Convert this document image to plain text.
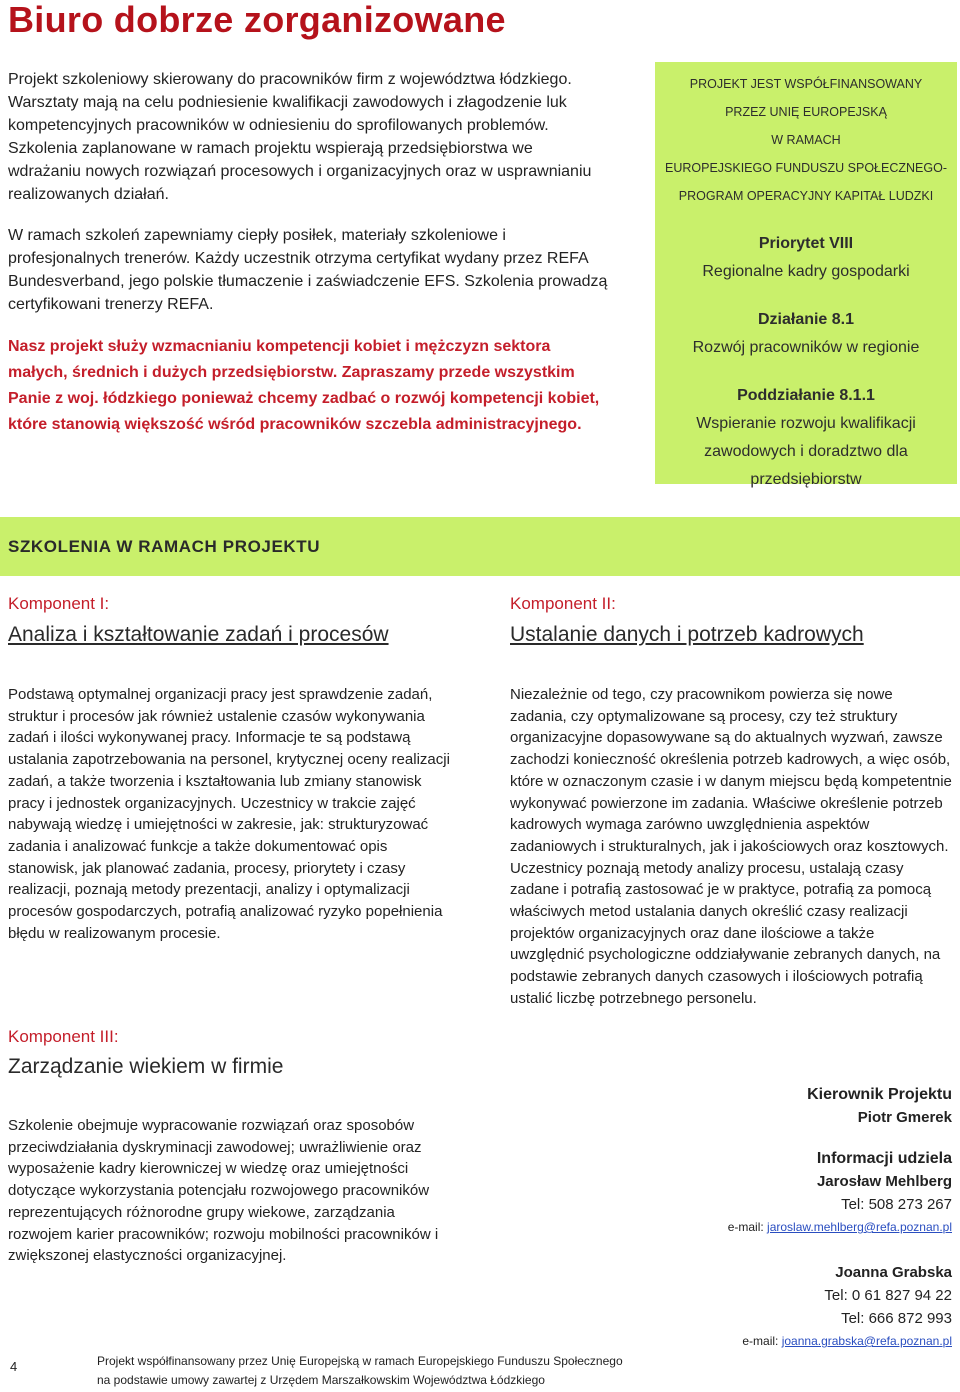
Biuro dobrze zorganizowane

Projekt szkoleniowy skierowany do pracowników firm z województwa łódzkiego. Warsztaty mają na celu podniesienie kwalifikacji zawodowych i złagodzenie luk kompetencyjnych pracowników w odniesieniu do sprofilowanych problemów. Szkolenia zaplanowane w ramach projektu wspierają przedsiębiorstwa we wdrażaniu nowych rozwiązań procesowych i organizacyjnych oraz w usprawnianiu realizowanych działań.

W ramach szkoleń zapewniamy ciepły posiłek, materiały szkoleniowe i profesjonalnych trenerów. Każdy uczestnik otrzyma certyfikat wydany przez REFA Bundesverband, jego polskie tłumaczenie i zaświadczenie EFS. Szkolenia prowadzą certyfikowani trenerzy REFA.

Nasz projekt służy wzmacnianiu kompetencji kobiet i mężczyzn sektora małych, średnich i dużych przedsiębiorstw. Zapraszamy przede wszystkim Panie z woj. łódzkiego ponieważ chcemy zadbać o rozwój kompetencji kobiet, które stanowią większość wśród pracowników szczebla administracyjnego.

PROJEKT JEST WSPÓŁFINANSOWANY
PRZEZ UNIĘ EUROPEJSKĄ
W RAMACH
EUROPEJSKIEGO FUNDUSZU SPOŁECZNEGO-
PROGRAM OPERACYJNY KAPITAŁ LUDZKI
Priorytet VIII
Regionalne kadry gospodarki
Działanie 8.1
Rozwój pracowników w regionie
Poddziałanie 8.1.1
Wspieranie rozwoju kwalifikacji
zawodowych i doradztwo dla
przedsiębiorstw
SZKOLENIA W RAMACH PROJEKTU
Komponent I:
Analiza i kształtowanie zadań i procesów
Podstawą optymalnej organizacji pracy jest sprawdzenie zadań, struktur i procesów jak również ustalenie czasów wykonywania zadań i ilości wykonywanej pracy. Informacje te są podstawą ustalania zapotrzebowania na personel, krytycznej oceny realizacji zadań, a także tworzenia i kształtowania lub zmiany stanowisk pracy i jednostek organizacyjnych. Uczestnicy w trakcie zajęć nabywają wiedzę i umiejętności w zakresie, jak: strukturyzować zadania i analizować funkcje a także dokumentować opis stanowisk, jak planować zadania, procesy, priorytety i czasy realizacji, poznają metody prezentacji, analizy i optymalizacji procesów gospodarczych, potrafią analizować ryzyko popełnienia błędu w realizowanym procesie.
Komponent II:
Ustalanie danych i potrzeb kadrowych
Niezależnie od tego, czy pracownikom powierza się nowe zadania, czy optymalizowane są procesy, czy też struktury organizacyjne dopasowywane są do aktualnych wyzwań, zawsze zachodzi konieczność określenia potrzeb kadrowych, a więc osób, które w oznaczonym czasie i w danym miejscu będą kompetentnie wykonywać powierzone im zadania. Właściwe określenie potrzeb kadrowych wymaga zarówno uwzględnienia aspektów zadaniowych i strukturalnych, jak i jakościowych oraz kosztowych. Uczestnicy poznają metody analizy procesu, ustalają czasy zadane i potrafią zastosować je w praktyce, potrafią za pomocą właściwych metod ustalania danych określić czasy realizacji projektów organizacyjnych oraz dane ilościowe a także uwzględnić psychologiczne oddziaływanie zebranych danych, na podstawie zebranych danych czasowych i ilościowych potrafią ustalić liczbę potrzebnego personelu.
Komponent III:
Zarządzanie wiekiem w firmie
Szkolenie obejmuje wypracowanie rozwiązań oraz sposobów przeciwdziałania dyskryminacji zawodowej; uwrażliwienie oraz wyposażenie kadry kierowniczej w wiedzę oraz umiejętności dotyczące wykorzystania potencjału rozwojowego pracowników reprezentujących różnorodne grupy wiekowe, zarządzania rozwojem karier pracowników; rozwoju mobilności pracowników i zwiększonej elastyczności organizacyjnej.
Kierownik Projektu
Piotr Gmerek
Informacji udziela
Jarosław Mehlberg
Tel: 508 273 267
e-mail: jaroslaw.mehlberg@refa.poznan.pl
Joanna Grabska
Tel: 0 61 827 94 22
Tel: 666 872 993
e-mail: joanna.grabska@refa.poznan.pl
4	Projekt współfinansowany przez Unię Europejską w ramach Europejskiego Funduszu Społecznego
na podstawie umowy zawartej z Urzędem Marszałkowskim Województwa Łódzkiego
